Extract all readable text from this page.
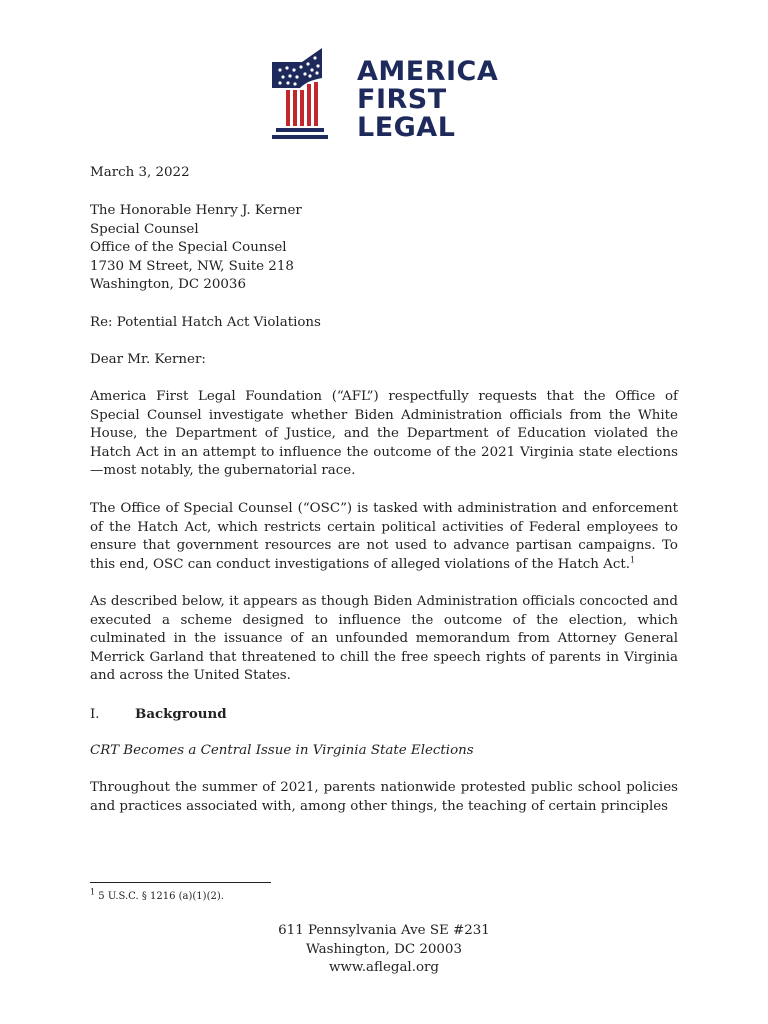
AMERICA
FIRST
LEGAL
March 3, 2022
The Honorable Henry J. Kerner
Special Counsel
Office of the Special Counsel
1730 M Street, NW, Suite 218
Washington, DC 20036
Re: Potential Hatch Act Violations
Dear Mr. Kerner:

America First Legal Foundation (“AFL”) respectfully requests that the Office of Special Counsel investigate whether Biden Administration officials from the White House, the Department of Justice, and the Department of Education violated the Hatch Act in an attempt to influence the outcome of the 2021 Virginia state elections—most notably, the gubernatorial race.

The Office of Special Counsel (“OSC”) is tasked with administration and enforcement of the Hatch Act, which restricts certain political activities of Federal employees to ensure that government resources are not used to advance partisan campaigns. To this end, OSC can conduct investigations of alleged violations of the Hatch Act.$^1$

As described below, it appears as though Biden Administration officials concocted and executed a scheme designed to influence the outcome of the election, which culminated in the issuance of an unfounded memorandum from Attorney General Merrick Garland that threatened to chill the free speech rights of parents in Virginia and across the United States.

I.	Background
CRT Becomes a Central Issue in Virginia State Elections

Throughout the summer of 2021, parents nationwide protested public school policies and practices associated with, among other things, the teaching of certain principles

$^1$ 5 U.S.C. § 1216 (a)(1)(2).
611 Pennsylvania Ave SE #231
Washington, DC 20003
www.aflegal.org
